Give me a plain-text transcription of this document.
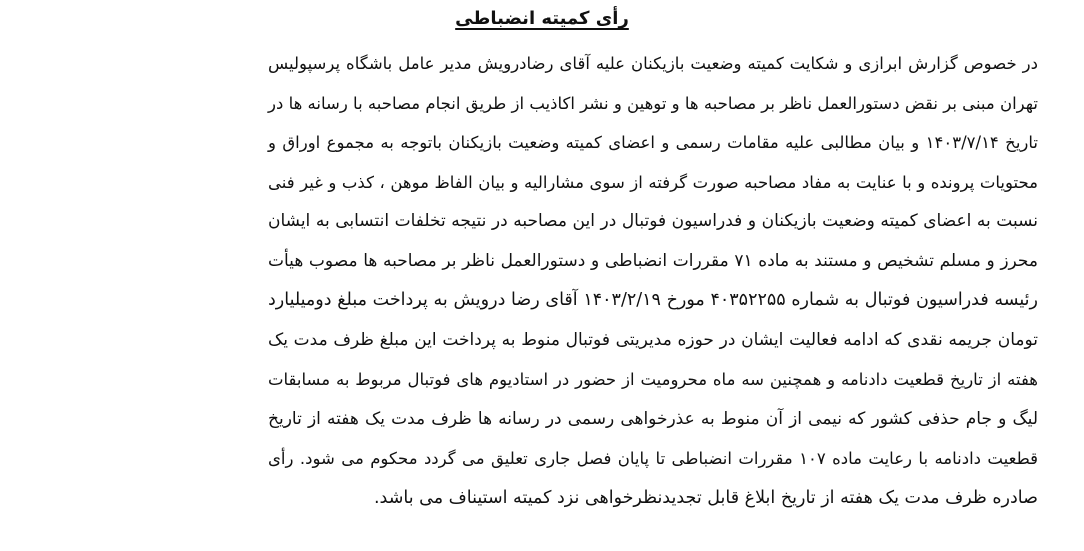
رأی کمیته انضباطی
در خصوص گزارش ابرازی و شکایت کمیته وضعیت بازیکنان علیه آقای رضادرویش مدیر عامل باشگاه پرسپولیس
تهران مبنی بر نقض دستورالعمل ناظر بر مصاحبه ها و توهین و نشر اکاذیب از طریق انجام مصاحبه با رسانه ها در
تاریخ ۱۴۰۳/۷/۱۴ و بیان مطالبی علیه مقامات رسمی و اعضای کمیته وضعیت بازیکنان باتوجه به مجموع اوراق و
محتویات پرونده و با عنایت به مفاد مصاحبه صورت گرفته از سوی مشارالیه و بیان الفاظ موهن ، کذب و غیر فنی
نسبت به اعضای کمیته وضعیت بازیکنان و فدراسیون فوتبال در این مصاحبه در نتیجه تخلفات انتسابی به ایشان
محرز و مسلم تشخیص و مستند به ماده ۷۱ مقررات انضباطی و دستورالعمل ناظر بر مصاحبه ها مصوب هیأت
رئیسه فدراسیون فوتبال به شماره ۴۰۳۵۲۲۵۵ مورخ ۱۴۰۳/۲/۱۹ آقای رضا درویش به پرداخت مبلغ دومیلیارد
تومان جریمه نقدی که ادامه فعالیت ایشان در حوزه مدیریتی فوتبال منوط به پرداخت این مبلغ ظرف مدت یک
هفته از تاریخ قطعیت دادنامه و همچنین سه ماه محرومیت از حضور در استادیوم های فوتبال مربوط به مسابقات
لیگ و جام حذفی کشور که نیمی از آن منوط به عذرخواهی رسمی در رسانه ها ظرف مدت یک هفته از تاریخ
قطعیت دادنامه با رعایت ماده ۱۰۷ مقررات انضباطی تا پایان فصل جاری تعلیق می گردد محکوم می شود. رأی
صادره ظرف مدت یک هفته از تاریخ ابلاغ قابل تجدیدنظرخواهی نزد کمیته استیناف می باشد.
